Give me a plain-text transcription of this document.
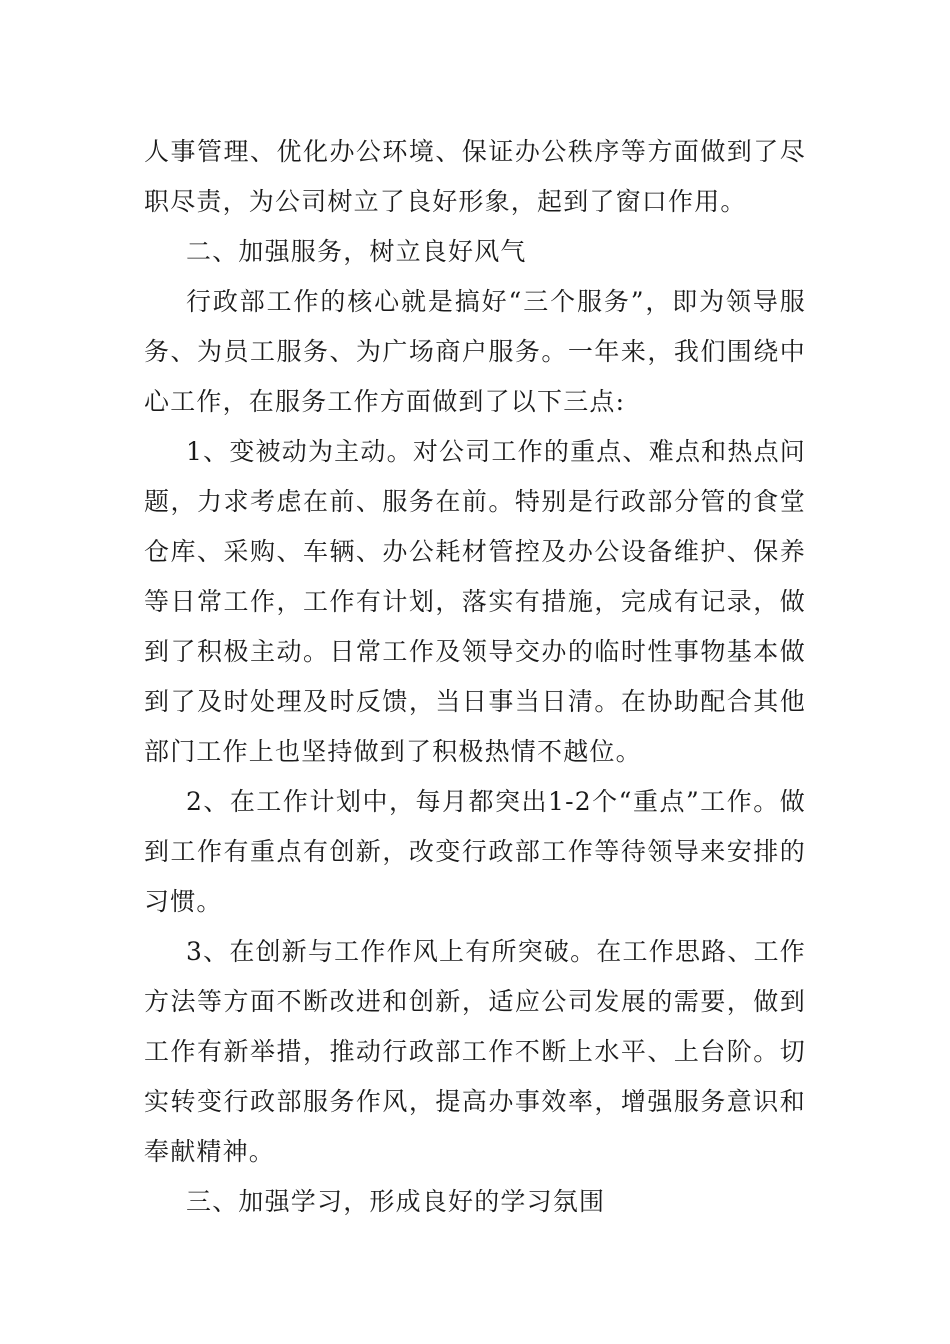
人事管理、优化办公环境、保证办公秩序等方面做到了尽职尽责，为公司树立了良好形象，起到了窗口作用。

二、加强服务，树立良好风气

行政部工作的核心就是搞好“三个服务”，即为领导服务、为员工服务、为广场商户服务。一年来，我们围绕中心工作，在服务工作方面做到了以下三点:

1、变被动为主动。对公司工作的重点、难点和热点问题，力求考虑在前、服务在前。特别是行政部分管的食堂仓库、采购、车辆、办公耗材管控及办公设备维护、保养等日常工作，工作有计划，落实有措施，完成有记录，做到了积极主动。日常工作及领导交办的临时性事物基本做到了及时处理及时反馈，当日事当日清。在协助配合其他部门工作上也坚持做到了积极热情不越位。

2、在工作计划中，每月都突出1-2个“重点”工作。做到工作有重点有创新，改变行政部工作等待领导来安排的习惯。

3、在创新与工作作风上有所突破。在工作思路、工作方法等方面不断改进和创新，适应公司发展的需要，做到工作有新举措，推动行政部工作不断上水平、上台阶。切实转变行政部服务作风，提高办事效率，增强服务意识和奉献精神。

三、加强学习，形成良好的学习氛围
